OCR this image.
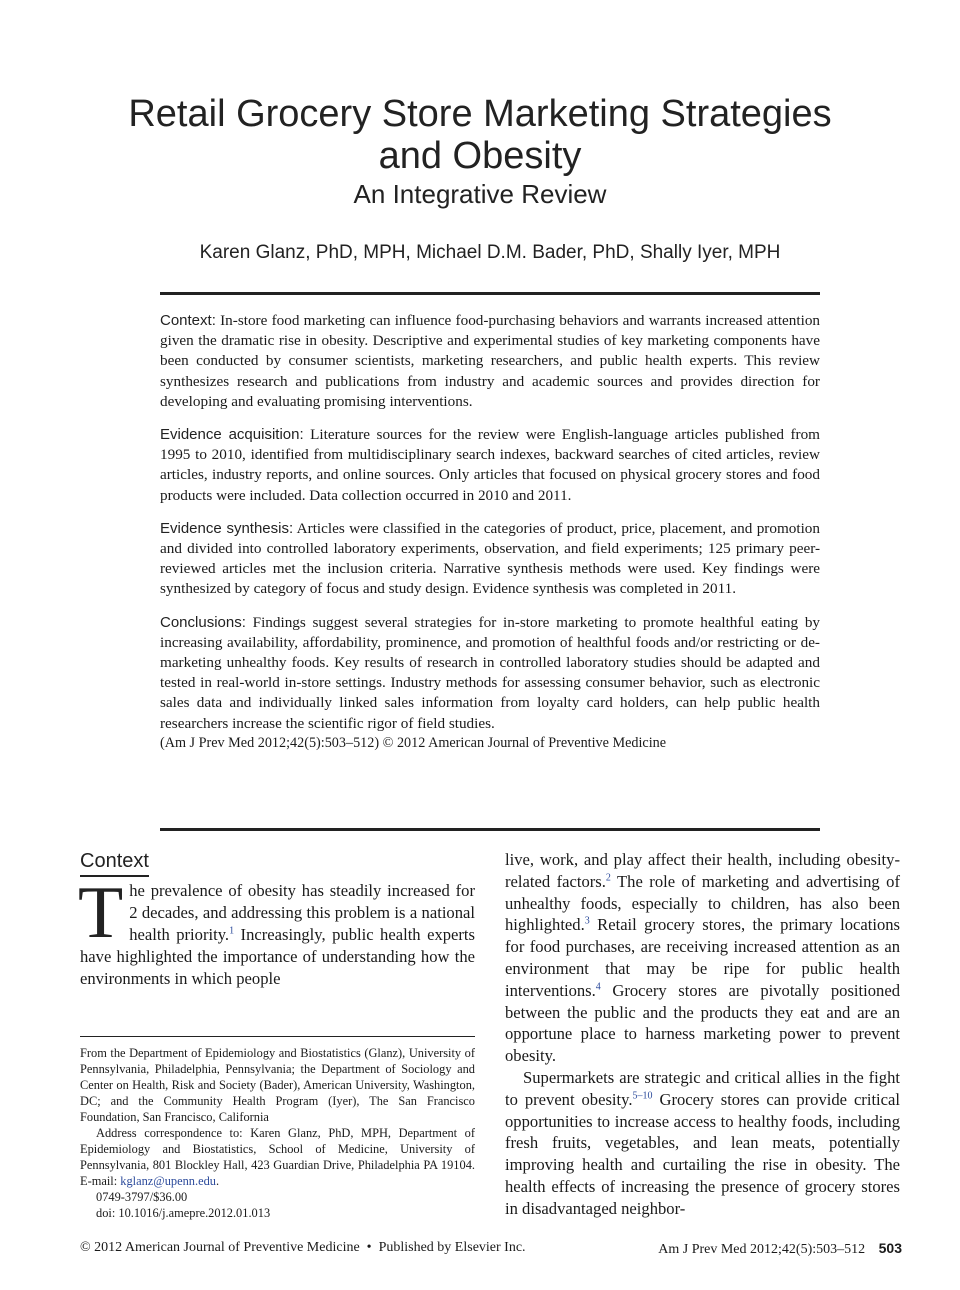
Retail Grocery Store Marketing Strategies
and Obesity
An Integrative Review
Karen Glanz, PhD, MPH, Michael D.M. Bader, PhD, Shally Iyer, MPH

Context: In-store food marketing can influence food-purchasing behaviors and warrants increased attention given the dramatic rise in obesity. Descriptive and experimental studies of key marketing components have been conducted by consumer scientists, marketing researchers, and public health experts. This review synthesizes research and publications from industry and academic sources and provides direction for developing and evaluating promising interventions.

Evidence acquisition: Literature sources for the review were English-language articles published from 1995 to 2010, identified from multidisciplinary search indexes, backward searches of cited articles, review articles, industry reports, and online sources. Only articles that focused on physical grocery stores and food products were included. Data collection occurred in 2010 and 2011.

Evidence synthesis: Articles were classified in the categories of product, price, placement, and promotion and divided into controlled laboratory experiments, observation, and field experiments; 125 primary peer-reviewed articles met the inclusion criteria. Narrative synthesis methods were used. Key findings were synthesized by category of focus and study design. Evidence synthesis was completed in 2011.

Conclusions: Findings suggest several strategies for in-store marketing to promote healthful eating by increasing availability, affordability, prominence, and promotion of healthful foods and/or restricting or de-marketing unhealthy foods. Key results of research in controlled laboratory studies should be adapted and tested in real-world in-store settings. Industry methods for assessing consumer behavior, such as electronic sales data and individually linked sales information from loyalty card holders, can help public health researchers increase the scientific rigor of field studies.

(Am J Prev Med 2012;42(5):503–512) © 2012 American Journal of Preventive Medicine

Context
The prevalence of obesity has steadily increased for 2 decades, and addressing this problem is a national health priority.$^1$ Increasingly, public health experts have highlighted the importance of understanding how the environments in which people

From the Department of Epidemiology and Biostatistics (Glanz), University of Pennsylvania, Philadelphia, Pennsylvania; the Department of Sociology and Center on Health, Risk and Society (Bader), American University, Washington, DC; and the Community Health Program (Iyer), The San Francisco Foundation, San Francisco, California

Address correspondence to: Karen Glanz, PhD, MPH, Department of Epidemiology and Biostatistics, School of Medicine, University of Pennsylvania, 801 Blockley Hall, 423 Guardian Drive, Philadelphia PA 19104. E-mail: kglanz@upenn.edu.

0749-3797/$36.00

doi: 10.1016/j.amepre.2012.01.013

live, work, and play affect their health, including obesity-related factors.$^2$ The role of marketing and advertising of unhealthy foods, especially to children, has also been highlighted.$^3$ Retail grocery stores, the primary locations for food purchases, are receiving increased attention as an environment that may be ripe for public health interventions.$^4$ Grocery stores are pivotally positioned between the public and the products they eat and are an opportune place to harness marketing power to prevent obesity.

Supermarkets are strategic and critical allies in the fight to prevent obesity.$^{5-10}$ Grocery stores can provide critical opportunities to increase access to healthy foods, including fresh fruits, vegetables, and lean meats, potentially improving health and curtailing the rise in obesity. The health effects of increasing the presence of grocery stores in disadvantaged neighbor-

© 2012 American Journal of Preventive Medicine  •  Published by Elsevier Inc.	Am J Prev Med 2012;42(5):503–512 503
